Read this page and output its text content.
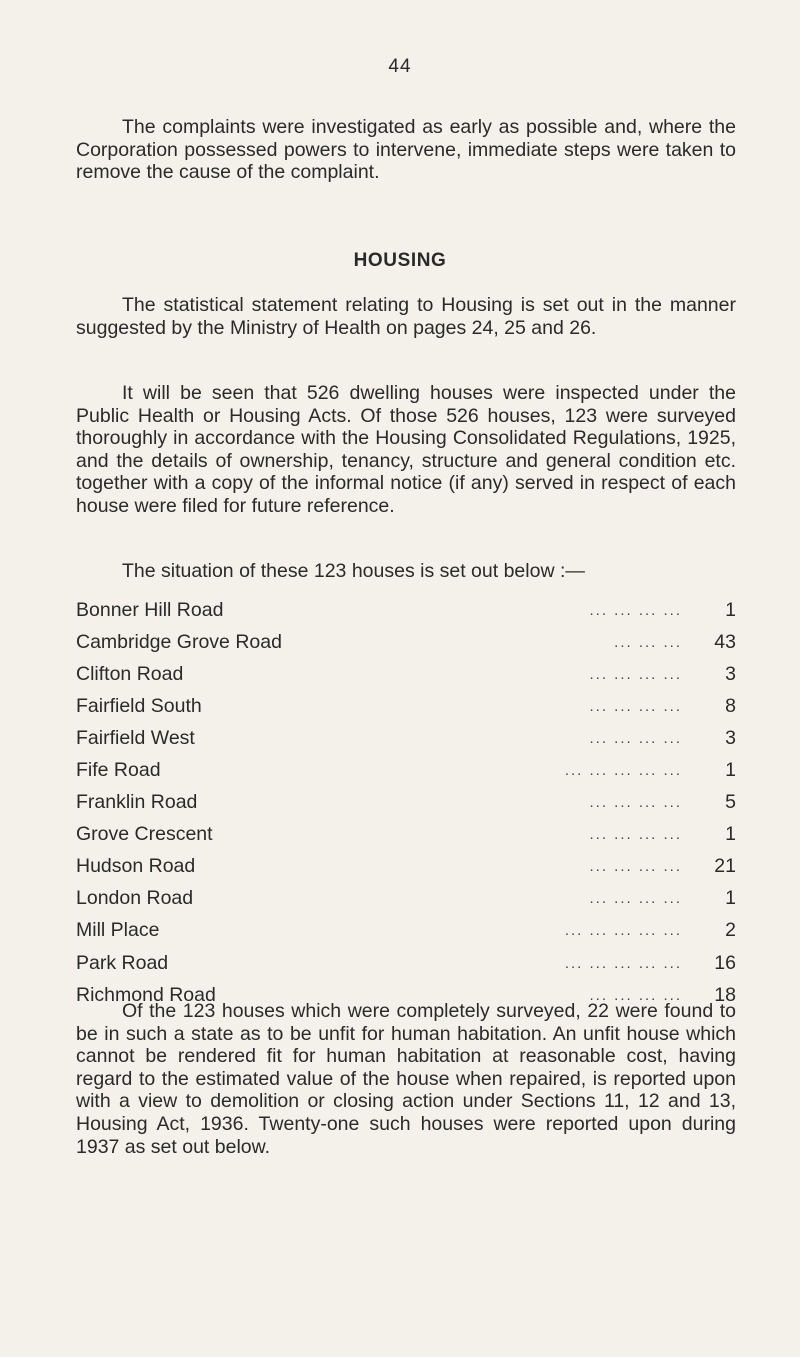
44

The complaints were investigated as early as possible and, where the Corporation possessed powers to intervene, immediate steps were taken to remove the cause of the complaint.

HOUSING

The statistical statement relating to Housing is set out in the manner suggested by the Ministry of Health on pages 24, 25 and 26.

It will be seen that 526 dwelling houses were inspected under the Public Health or Housing Acts. Of those 526 houses, 123 were surveyed thoroughly in accordance with the Housing Consolidated Regulations, 1925, and the details of ownership, tenancy, structure and general condition etc. together with a copy of the informal notice (if any) served in respect of each house were filed for future reference.

The situation of these 123 houses is set out below :—

Bonner Hill Road	... ... ... ...	1
Cambridge Grove Road	... ... ...	43
Clifton Road	... ... ... ...	3
Fairfield South	... ... ... ...	8
Fairfield West	... ... ... ...	3
Fife Road	... ... ... ... ...	1
Franklin Road	... ... ... ...	5
Grove Crescent	... ... ... ...	1
Hudson Road	... ... ... ...	21
London Road	... ... ... ...	1
Mill Place	... ... ... ... ...	2
Park Road	... ... ... ... ...	16
Richmond Road	... ... ... ...	18

Of the 123 houses which were completely surveyed, 22 were found to be in such a state as to be unfit for human habitation. An unfit house which cannot be rendered fit for human habitation at reasonable cost, having regard to the estimated value of the house when repaired, is reported upon with a view to demolition or closing action under Sections 11, 12 and 13, Housing Act, 1936. Twenty-one such houses were reported upon during 1937 as set out below.
